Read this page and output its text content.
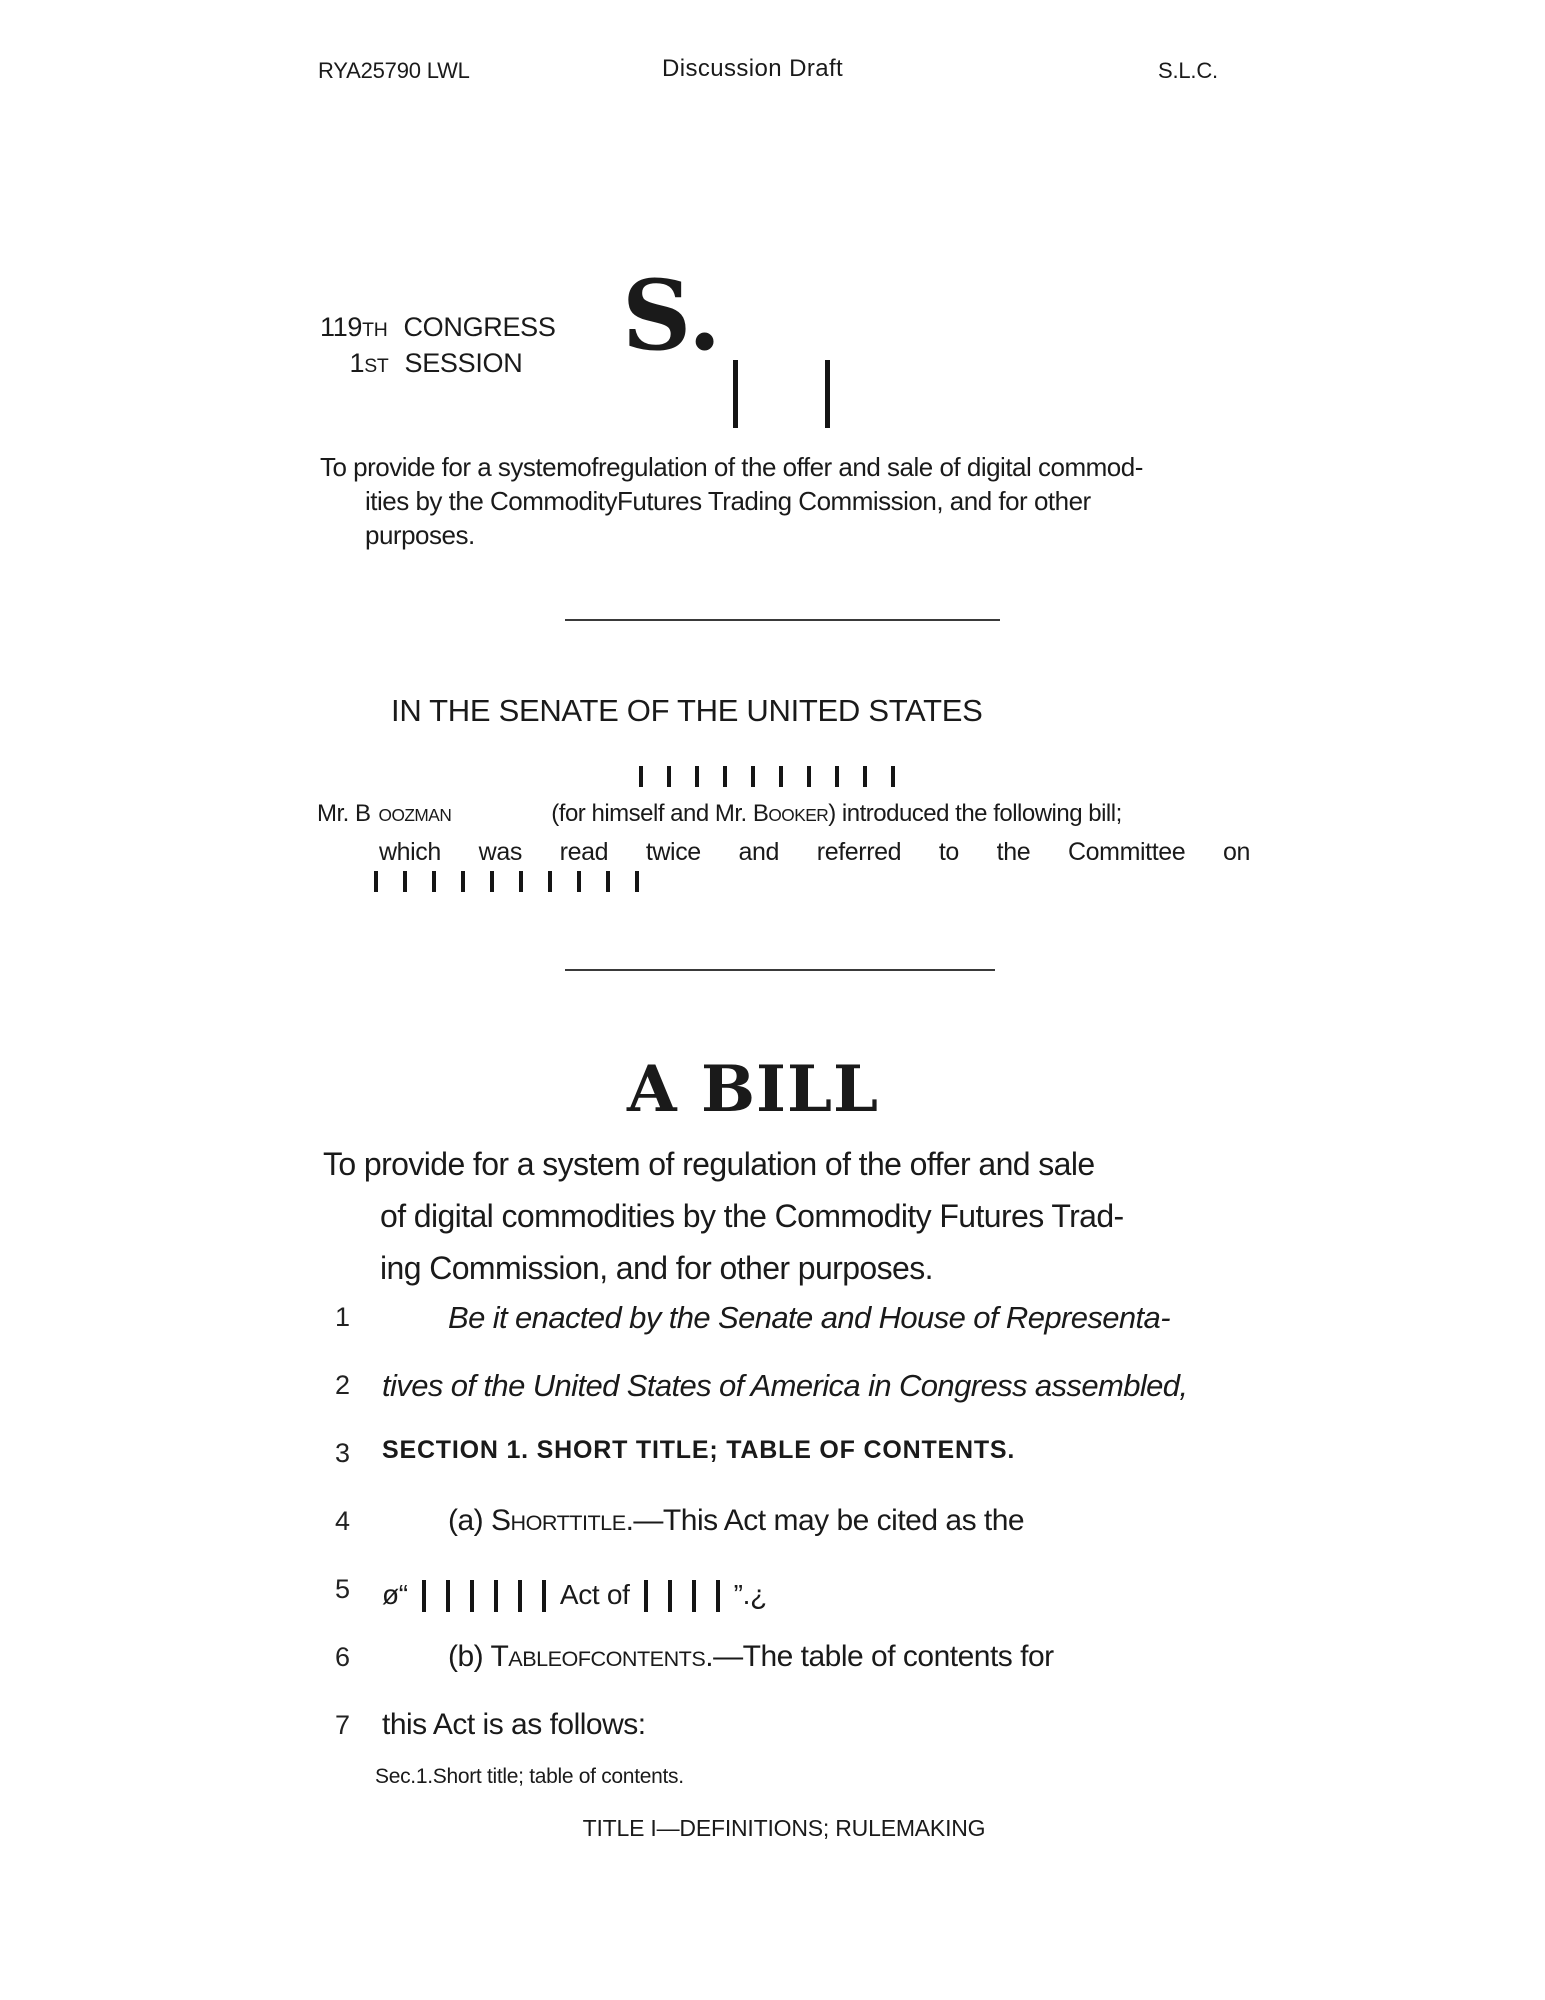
RYA25790 LWL	Discussion Draft	S.L.C.
119TH CONGRESS
1ST SESSION	S.
To provide for a systemofregulation of the offer and sale of digital commod-
ities by the CommodityFutures Trading Commission, and for other
purposes.
IN THE SENATE OF THE UNITED STATES
Mr. B OOZMAN	(for himself and Mr. BOOKER) introduced the following bill;
which was read twice and referred to the Committee on
A BILL
To provide for a system of regulation of the offer and sale
of digital commodities by the Commodity Futures Trad-
ing Commission, and for other purposes.
1	Be it enacted by the Senate and House of Representa-
2 tives of the United States of America in Congress assembled,
3 SECTION 1. SHORT TITLE; TABLE OF CONTENTS.
4	(a) SHORTTITLE.—This Act may be cited as the
5 ø“	Act of	”.¿
6	(b) TABLEOFCONTENTS.—The table of contents for
7 this Act is as follows:
Sec.1.Short title; table of contents.
TITLE I—DEFINITIONS; RULEMAKING
